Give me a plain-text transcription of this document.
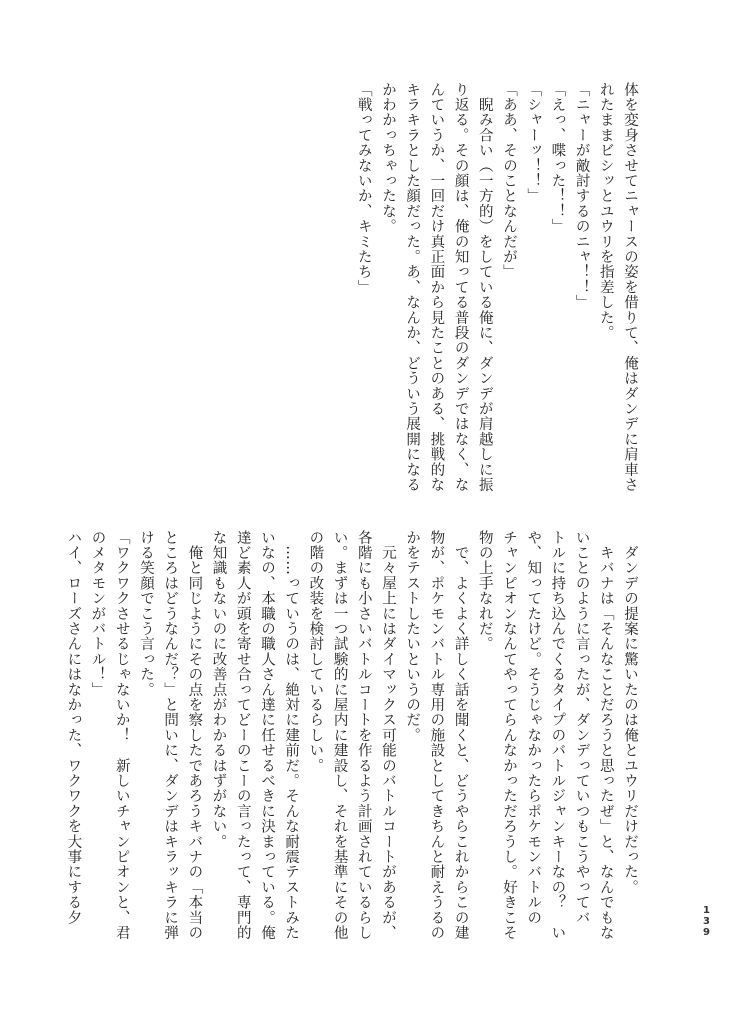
体を変身させてニャースの姿を借りて、俺はダンデに肩車さ
れたままビシッとユウリを指差した。
「ニャーが敵討するのニャ！！」
「えっ、喋った！！」
「シャーッ！！」
「ああ、そのことなんだが」
　睨み合い（一方的）をしている俺に、ダンデが肩越しに振
り返る。その顔は、俺の知ってる普段のダンデではなく、な
んていうか、一回だけ真正面から見たことのある、挑戦的な
キラキラとした顔だった。あ、なんか、どういう展開になる
かわかっちゃったな。
「戦ってみないか、キミたち」
　ダンデの提案に驚いたのは俺とユウリだけだった。
　キバナは「そんなことだろうと思ったぜ」と、なんでもな
いことのように言ったが、ダンデっていつもこうやってバ
トルに持ち込んでくるタイプのバトルジャンキーなの？　い
や、知ってたけど。そうじゃなかったらポケモンバトルの
チャンピオンなんてやってらんなかっただろうし。好きこそ
物の上手なれだ。
　で、よくよく詳しく話を聞くと、どうやらこれからこの建
物が、ポケモンバトル専用の施設としてきちんと耐えうるの
かをテストしたいというのだ。
　元々屋上にはダイマックス可能のバトルコートがあるが、
各階にも小さいバトルコートを作るよう計画されているらし
い。まずは一つ試験的に屋内に建設し、それを基準にその他
の階の改装を検討しているらしい。
　……っていうのは、絶対に建前だ。そんな耐震テストみた
いなの、本職の職人さん達に任せるべきに決まっている。俺
達ど素人が頭を寄せ合ってどーのこーの言ったって、専門的
な知識もないのに改善点がわかるはずがない。
　俺と同じようにその点を察したであろうキバナの「本当の
ところはどうなんだ？」と問いに、ダンデはキラッキラに弾
ける笑顔でこう言った。
「ワクワクさせるじゃないか！　新しいチャンピオンと、君
のメタモンがバトル！」
ハイ、ローズさんにはなかった、ワクワクを大事にする夕	139
